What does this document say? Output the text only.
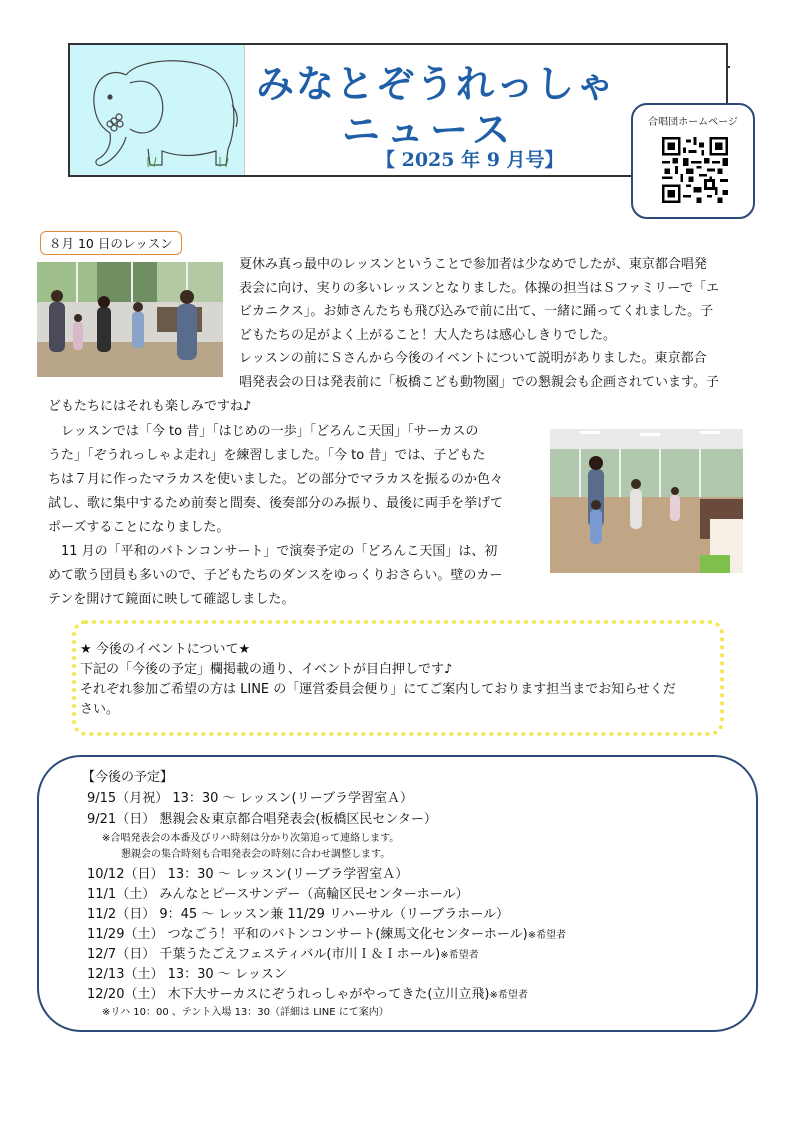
みなとぞうれっしゃ
ニュース
【 2025 年 9 月号】
合唱団ホームページ
８月 10 日のレッスン
夏休み真っ最中のレッスンということで参加者は少なめでしたが、東京都合唱発
表会に向け、実りの多いレッスンとなりました。体操の担当はＳファミリーで「エ
ビカニクス」。お姉さんたちも飛び込みで前に出て、一緒に踊ってくれました。子
どもたちの足がよく上がること！大人たちは感心しきりでした。
　レッスンの前にＳさんから今後のイベントについて説明がありました。東京都合
唱発表会の日は発表前に「板橋こども動物園」での懇親会も企画されています。子
どもたちにはそれも楽しみですね♪
　レッスンでは「今 to 昔」「はじめの一歩」「どろんこ天国」「サーカスの
うた」「ぞうれっしゃよ走れ」を練習しました。「今 to 昔」では、子どもた
ちは７月に作ったマラカスを使いました。どの部分でマラカスを振るのか色々
試し、歌に集中するため前奏と間奏、後奏部分のみ振り、最後に両手を挙げて
ポーズすることになりました。
　11 月の「平和のバトンコンサート」で演奏予定の「どろんこ天国」は、初
めて歌う団員も多いので、子どもたちのダンスをゆっくりおさらい。壁のカー
テンを開けて鏡面に映して確認しました。
★ 今後のイベントについて★
下記の「今後の予定」欄掲載の通り、イベントが目白押しです♪
それぞれ参加ご希望の方は LINE の「運営委員会便り」にてご案内しております担当までお知らせくだ
さい。
【今後の予定】
9/15（月祝） 13：30 ～ レッスン(リーブラ学習室Ａ）
9/21（日） 懇親会＆東京都合唱発表会(板橋区民センター）
※合唱発表会の本番及びリハ時刻は分かり次第追って連絡します。
懇親会の集合時刻も合唱発表会の時刻に合わせ調整します。
10/12（日） 13：30 ～ レッスン(リーブラ学習室Ａ）
11/1（土） みんなとピースサンデー（高輪区民センターホール）
11/2（日） 9：45 ～ レッスン兼 11/29 リハーサル（リーブラホール）
11/29（土） つなごう！平和のバトンコンサート(練馬文化センターホール)※希望者
12/7（日） 千葉うたごえフェスティバル(市川Ｉ＆Ｉホール)※希望者
12/13（土） 13：30 ～ レッスン
12/20（土） 木下大サーカスにぞうれっしゃがやってきた(立川立飛)※希望者
※リハ 10：00 、テント入場 13：30（詳細は LINE にて案内）
